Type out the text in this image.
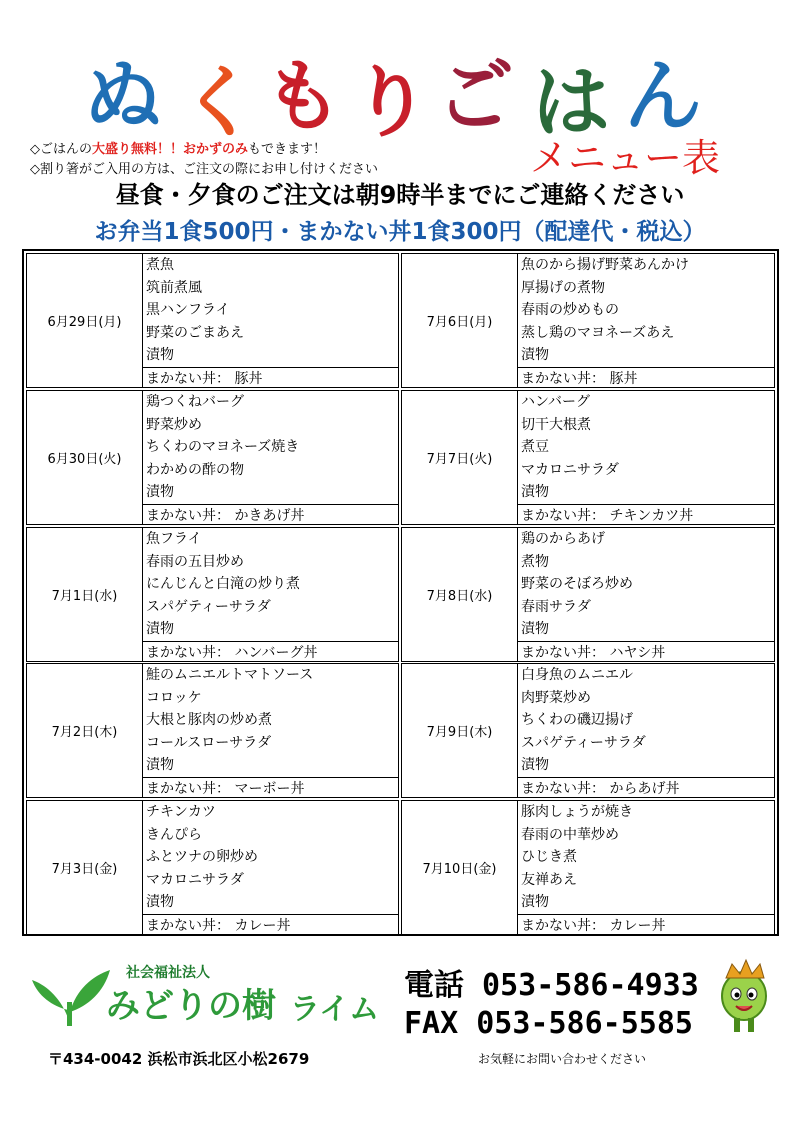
ぬ く も り ご は ん
メニュー表
◇ごはんの大盛り無料！！おかずのみもできます！
◇割り箸がご入用の方は、ご注文の際にお申し付けください
昼食・夕食のご注文は朝9時半までにご連絡ください
お弁当1食500円・まかない丼1食300円（配達代・税込）
6月29日(月)
煮魚
筑前煮風
黒ハンフライ
野菜のごまあえ
漬物
まかない丼： 豚丼
7月6日(月)
魚のから揚げ野菜あんかけ
厚揚げの煮物
春雨の炒めもの
蒸し鶏のマヨネーズあえ
漬物
まかない丼： 豚丼
6月30日(火)
鶏つくねバーグ
野菜炒め
ちくわのマヨネーズ焼き
わかめの酢の物
漬物
まかない丼： かきあげ丼
7月7日(火)
ハンバーグ
切干大根煮
煮豆
マカロニサラダ
漬物
まかない丼： チキンカツ丼
7月1日(水)
魚フライ
春雨の五目炒め
にんじんと白滝の炒り煮
スパゲティーサラダ
漬物
まかない丼： ハンバーグ丼
7月8日(水)
鶏のからあげ
煮物
野菜のそぼろ炒め
春雨サラダ
漬物
まかない丼： ハヤシ丼
7月2日(木)
鮭のムニエルトマトソース
コロッケ
大根と豚肉の炒め煮
コールスローサラダ
漬物
まかない丼： マーボー丼
7月9日(木)
白身魚のムニエル
肉野菜炒め
ちくわの磯辺揚げ
スパゲティーサラダ
漬物
まかない丼： からあげ丼
7月3日(金)
チキンカツ
きんぴら
ふとツナの卵炒め
マカロニサラダ
漬物
まかない丼： カレー丼
7月10日(金)
豚肉しょうが焼き
春雨の中華炒め
ひじき煮
友禅あえ
漬物
まかない丼： カレー丼
社会福祉法人
みどりの樹 ライム
電話 053-586-4933
FAX 053-586-5585
〒434-0042 浜松市浜北区小松2679	お気軽にお問い合わせください
